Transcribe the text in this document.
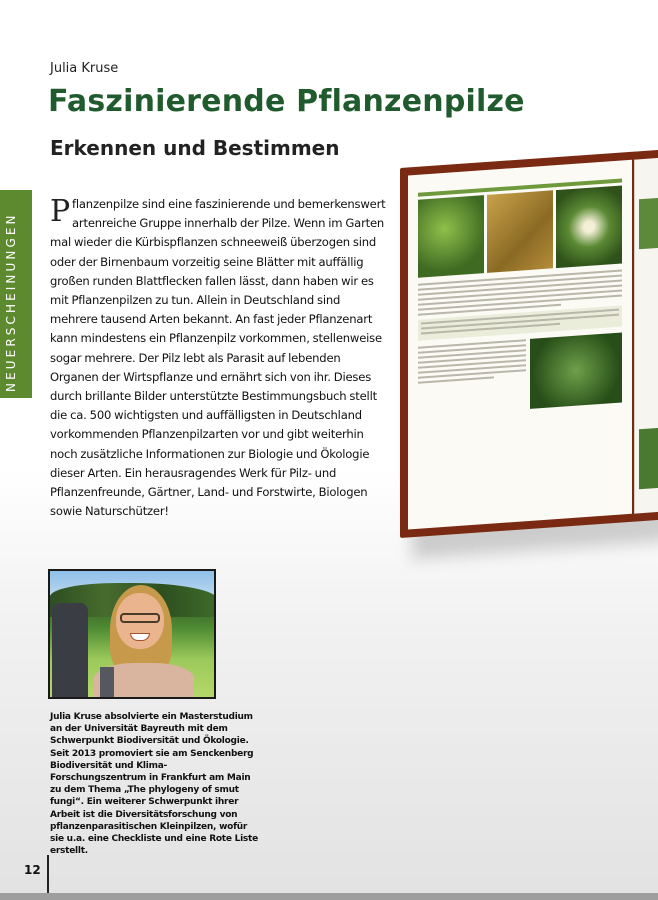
Julia Kruse
Faszinierende Pflanzenpilze
Erkennen und Bestimmen
NEUERSCHEINUNGEN
Pflanzenpilze sind eine faszinierende und bemerkenswert artenreiche Gruppe innerhalb der Pilze. Wenn im Garten mal wieder die Kürbispflanzen schneeweiß überzogen sind oder der Birnenbaum vorzeitig seine Blätter mit auffällig großen runden Blattflecken fallen lässt, dann haben wir es mit Pflanzenpilzen zu tun. Allein in Deutschland sind mehrere tausend Arten bekannt. An fast jeder Pflanzenart kann mindestens ein Pflanzenpilz vorkommen, stellenweise sogar mehrere. Der Pilz lebt als Parasit auf lebenden Organen der Wirtspflanze und ernährt sich von ihr. Dieses durch brillante Bilder unterstützte Bestimmungsbuch stellt die ca. 500 wichtigsten und auffälligsten in Deutschland vorkommenden Pflanzenpilzarten vor und gibt weiterhin noch zusätzliche Informationen zur Biologie und Ökologie dieser Arten. Ein herausragendes Werk für Pilz- und Pflanzenfreunde, Gärtner, Land- und Forstwirte, Biologen sowie Naturschützer!
Julia Kruse absolvierte ein Masterstudium an der Universität Bayreuth mit dem Schwerpunkt Biodiversität und Ökologie. Seit 2013 promoviert sie am Senckenberg Biodiversität und Klima-Forschungszentrum in Frankfurt am Main zu dem Thema „The phylogeny of smut fungi“. Ein weiterer Schwerpunkt ihrer Arbeit ist die Diversitätsforschung von pflanzenparasitischen Kleinpilzen, wofür sie u.a. eine Checkliste und eine Rote Liste erstellt.
12
